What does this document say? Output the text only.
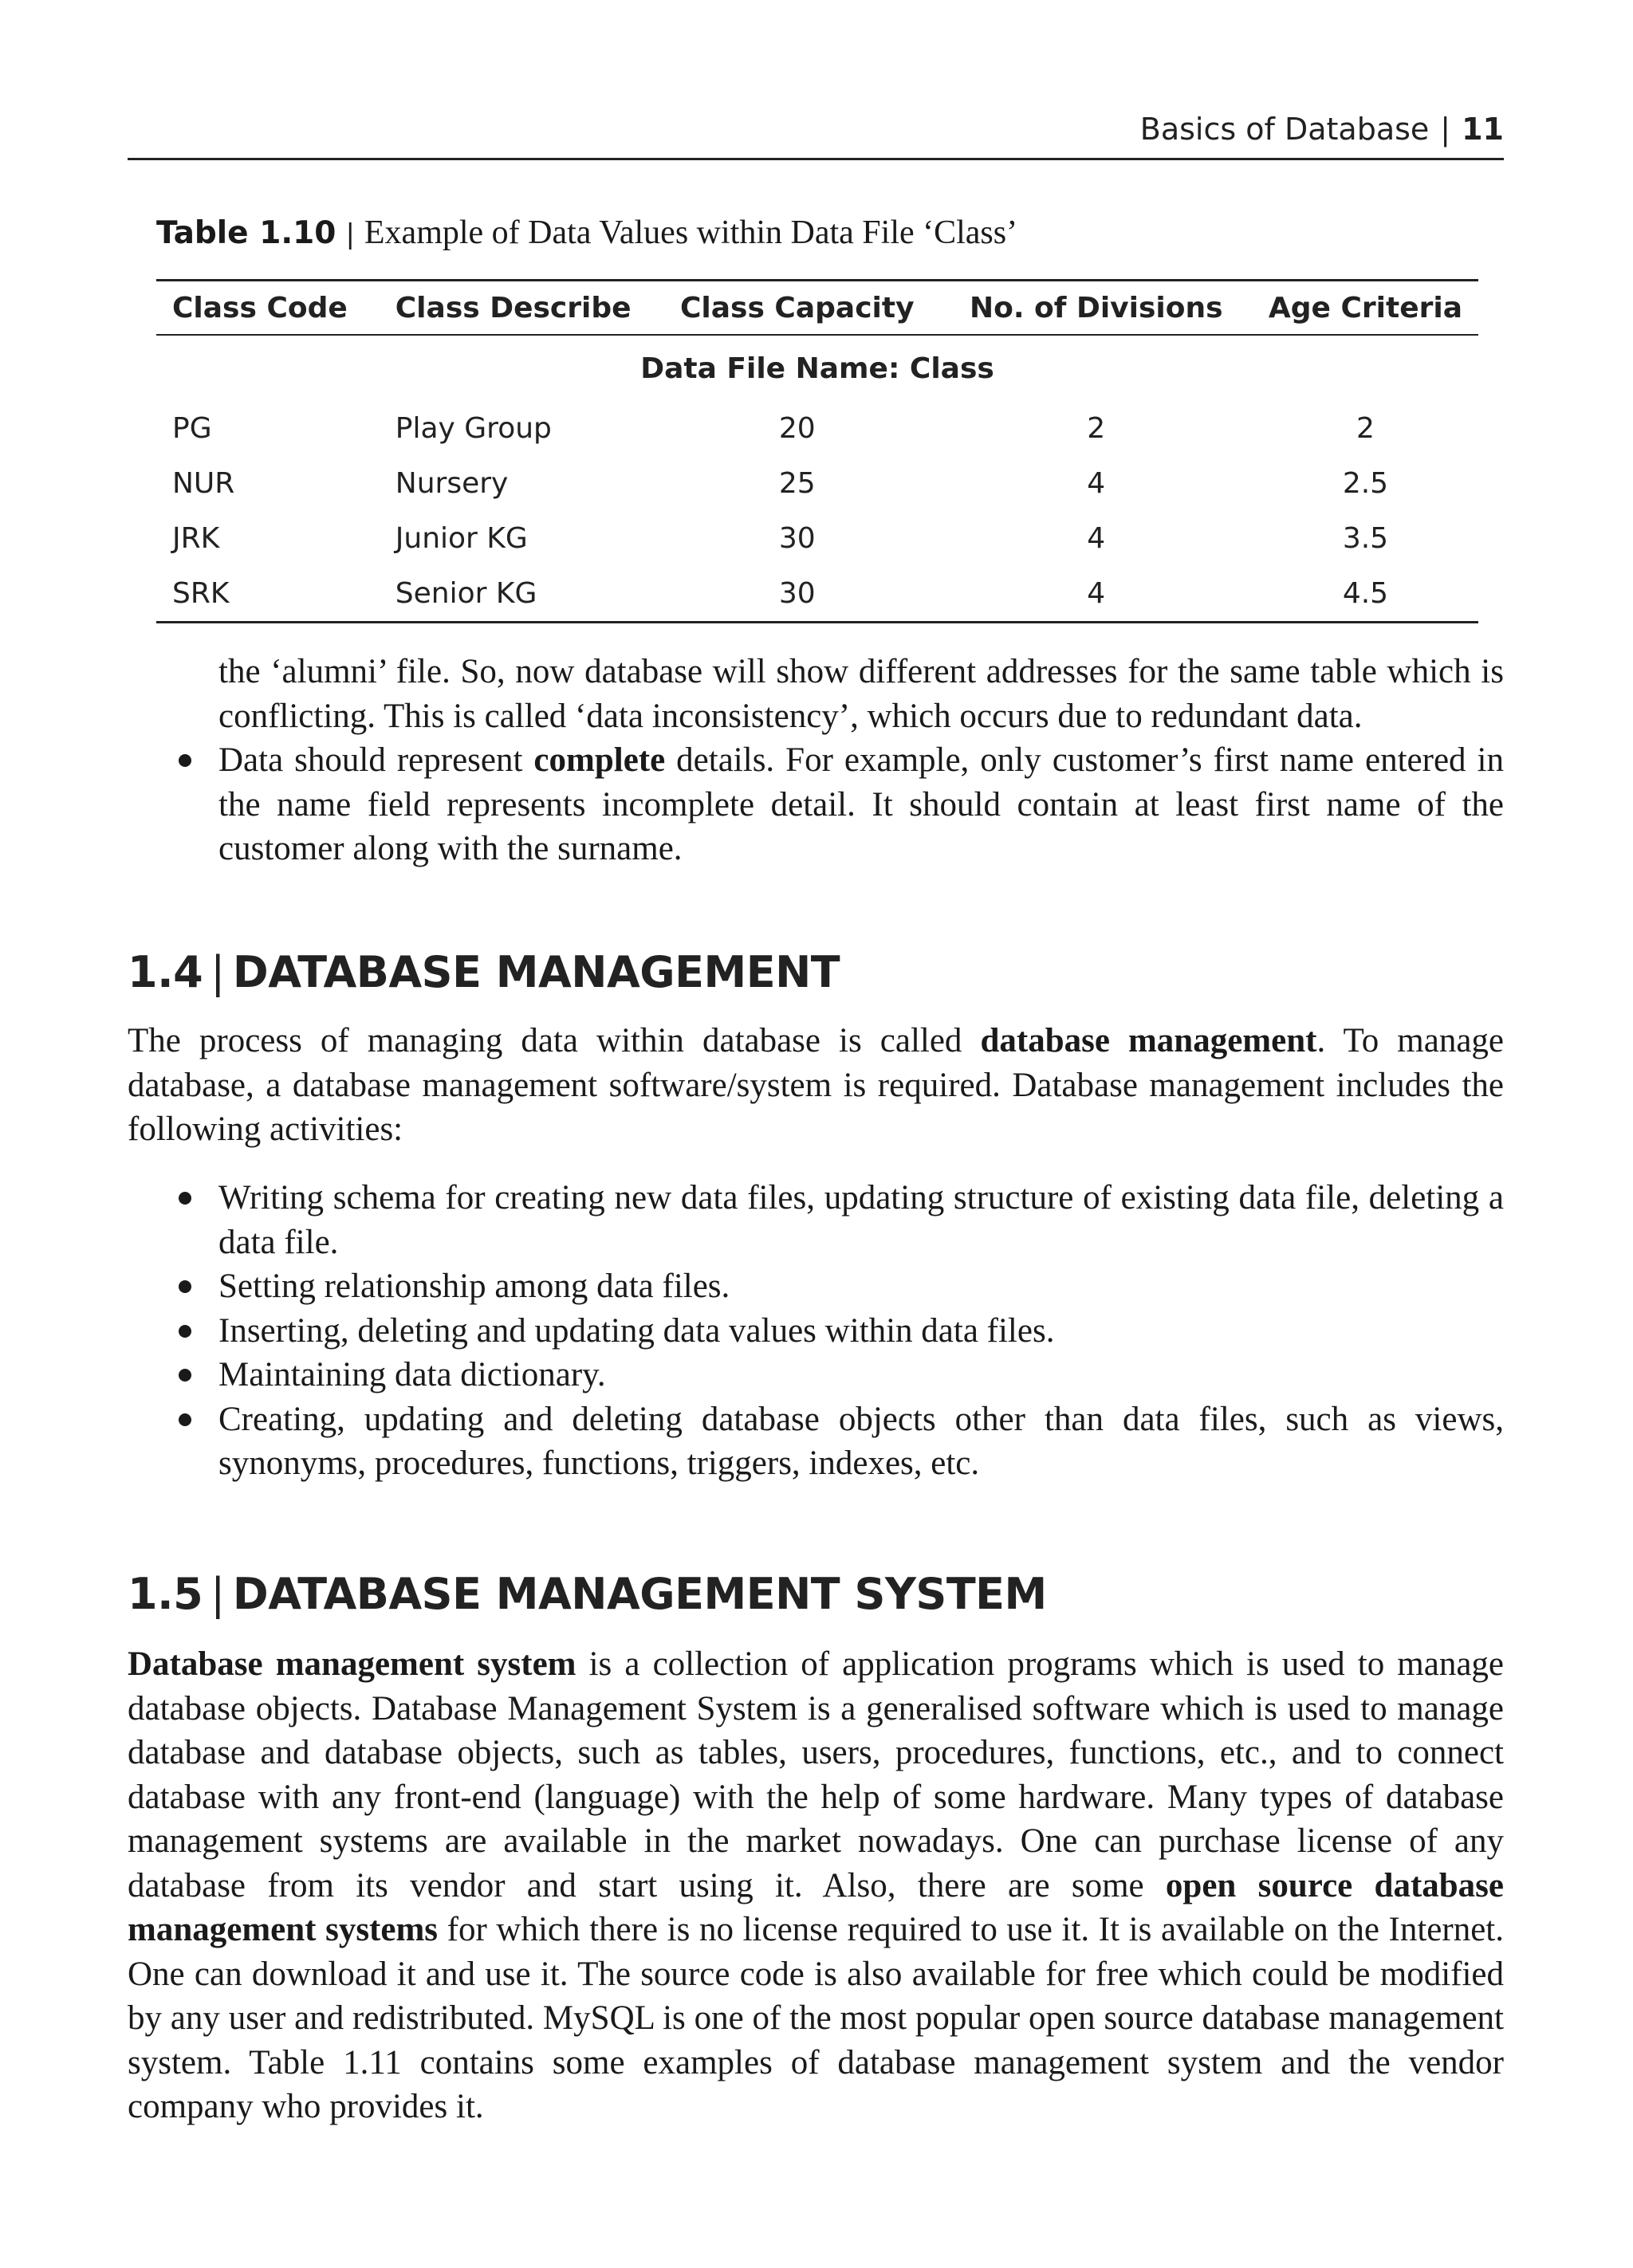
Basics of Database | 11
Table 1.10 | Example of Data Values within Data File ‘Class’
Class Code	Class Describe	Class Capacity	No. of Divisions	Age Criteria
Data File Name: Class				
PG	Play Group	20	2	2
NUR	Nursery	25	4	2.5
JRK	Junior KG	30	4	3.5
SRK	Senior KG	30	4	4.5
the ‘alumni’ file. So, now database will show different addresses for the same table which is conflicting. This is called ‘data inconsistency’, which occurs due to redundant data.
Data should represent complete details. For example, only customer’s first name entered in the name field represents incomplete detail. It should contain at least first name of the customer along with the surname.
1.4 | DATABASE MANAGEMENT
The process of managing data within database is called database management. To manage database, a database management software/system is required. Database management includes the following activities:
Writing schema for creating new data files, updating structure of existing data file, deleting a data file.
Setting relationship among data files.
Inserting, deleting and updating data values within data files.
Maintaining data dictionary.
Creating, updating and deleting database objects other than data files, such as views, synonyms, procedures, functions, triggers, indexes, etc.
1.5 | DATABASE MANAGEMENT SYSTEM
Database management system is a collection of application programs which is used to manage database objects. Database Management System is a generalised software which is used to manage database and database objects, such as tables, users, procedures, functions, etc., and to connect database with any front-end (language) with the help of some hardware. Many types of database management systems are available in the market nowadays. One can purchase license of any database from its vendor and start using it. Also, there are some open source database management systems for which there is no license required to use it. It is available on the Internet. One can download it and use it. The source code is also available for free which could be modified by any user and redistributed. MySQL is one of the most popular open source database management system. Table 1.11 contains some examples of database management system and the vendor company who provides it.
